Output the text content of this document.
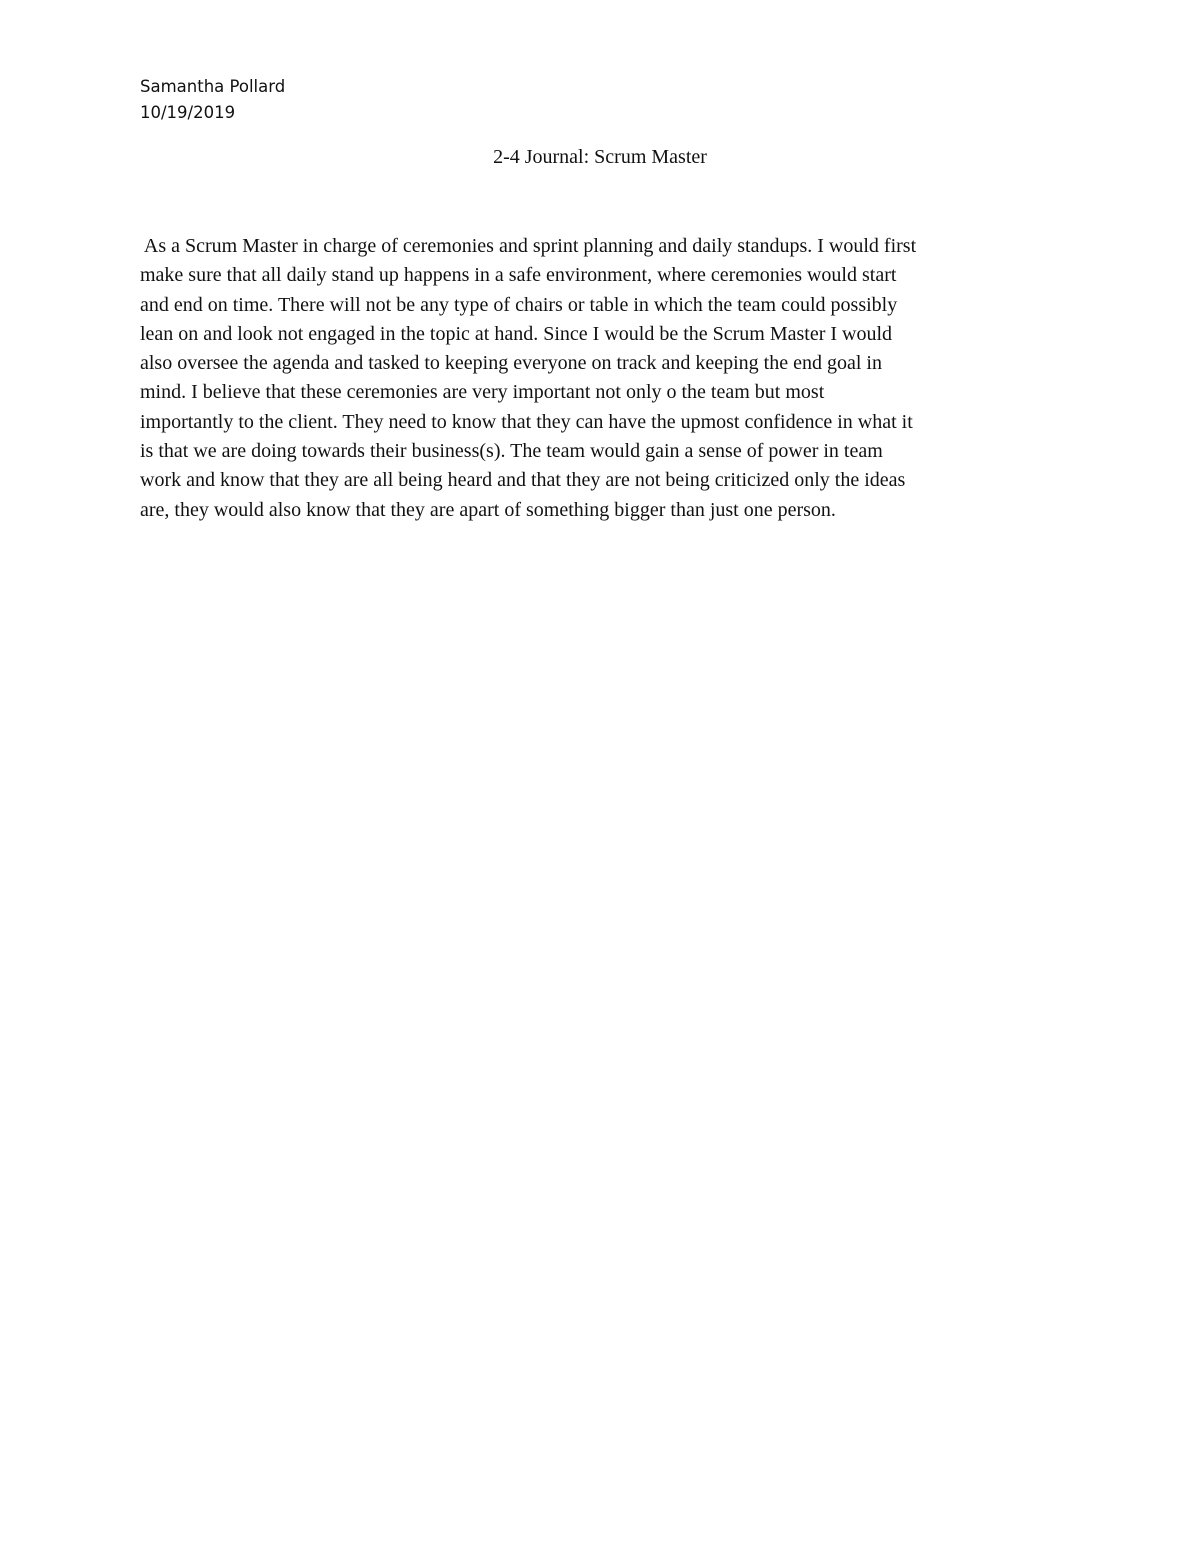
Samantha Pollard
10/19/2019
2-4 Journal: Scrum Master
As a Scrum Master in charge of ceremonies and sprint planning and daily standups. I would first
make sure that all daily stand up happens in a safe environment, where ceremonies would start
and end on time. There will not be any type of chairs or table in which the team could possibly
lean on and look not engaged in the topic at hand. Since I would be the Scrum Master I would
also oversee the agenda and tasked to keeping everyone on track and keeping the end goal in
mind. I believe that these ceremonies are very important not only o the team but most
importantly to the client. They need to know that they can have the upmost confidence in what it
is that we are doing towards their business(s). The team would gain a sense of power in team
work and know that they are all being heard and that they are not being criticized only the ideas
are, they would also know that they are apart of something bigger than just one person.
